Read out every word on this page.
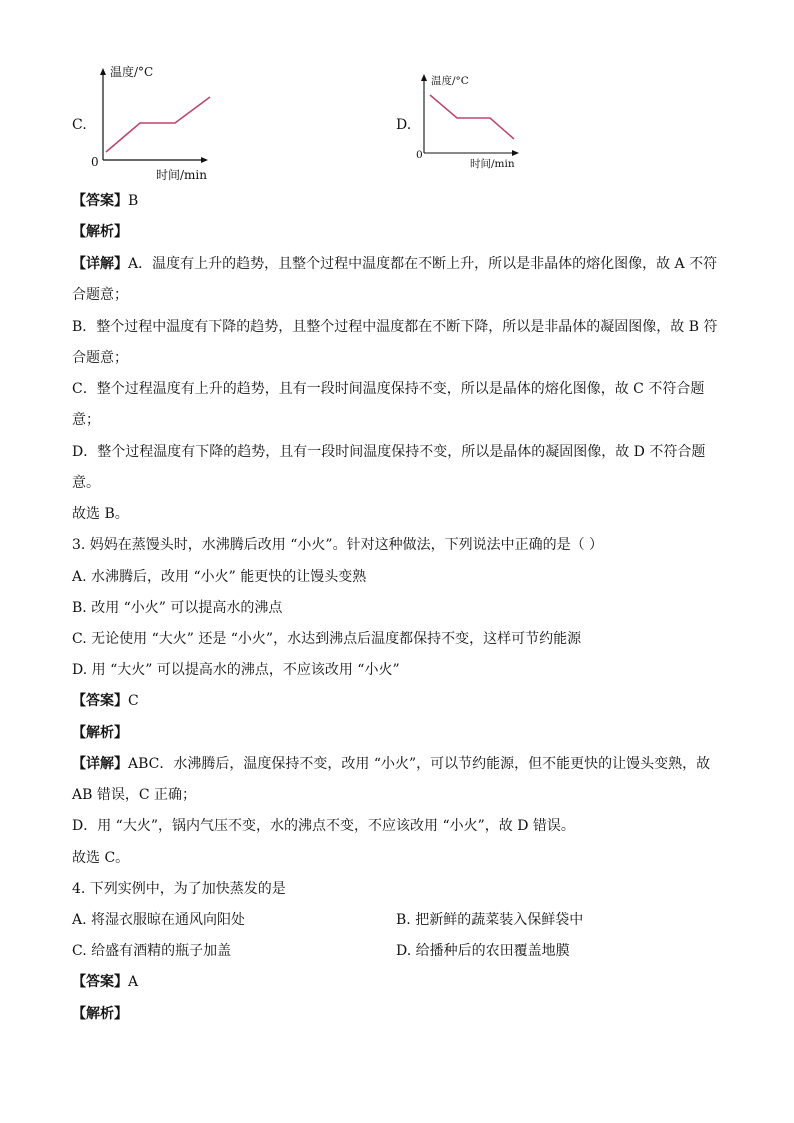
C.
温度/°C
0
时间/min
D.
温度/°C
0
时间/min
【答案】B
【解析】
【详解】A．温度有上升的趋势，且整个过程中温度都在不断上升，所以是非晶体的熔化图像，故 A 不符
合题意；
B．整个过程中温度有下降的趋势，且整个过程中温度都在不断下降，所以是非晶体的凝固图像，故 B 符
合题意；
C．整个过程温度有上升的趋势，且有一段时间温度保持不变，所以是晶体的熔化图像，故 C 不符合题
意；
D．整个过程温度有下降的趋势，且有一段时间温度保持不变，所以是晶体的凝固图像，故 D 不符合题
意。
故选 B。
3. 妈妈在蒸馒头时，水沸腾后改用 “小火”。针对这种做法，下列说法中正确的是（ ）
A. 水沸腾后，改用 “小火” 能更快的让馒头变熟
B. 改用 “小火” 可以提高水的沸点
C. 无论使用 “大火” 还是 “小火”，水达到沸点后温度都保持不变，这样可节约能源
D. 用 “大火” 可以提高水的沸点，不应该改用 “小火”
【答案】C
【解析】
【详解】ABC．水沸腾后，温度保持不变，改用 “小火”，可以节约能源，但不能更快的让馒头变熟，故
AB 错误，C 正确；
D．用 “大火”，锅内气压不变，水的沸点不变，不应该改用 “小火”，故 D 错误。
故选 C。
4. 下列实例中，为了加快蒸发的是
A. 将湿衣服晾在通风向阳处	B. 把新鲜的蔬菜装入保鲜袋中
C. 给盛有酒精的瓶子加盖	D. 给播种后的农田覆盖地膜
【答案】A
【解析】
